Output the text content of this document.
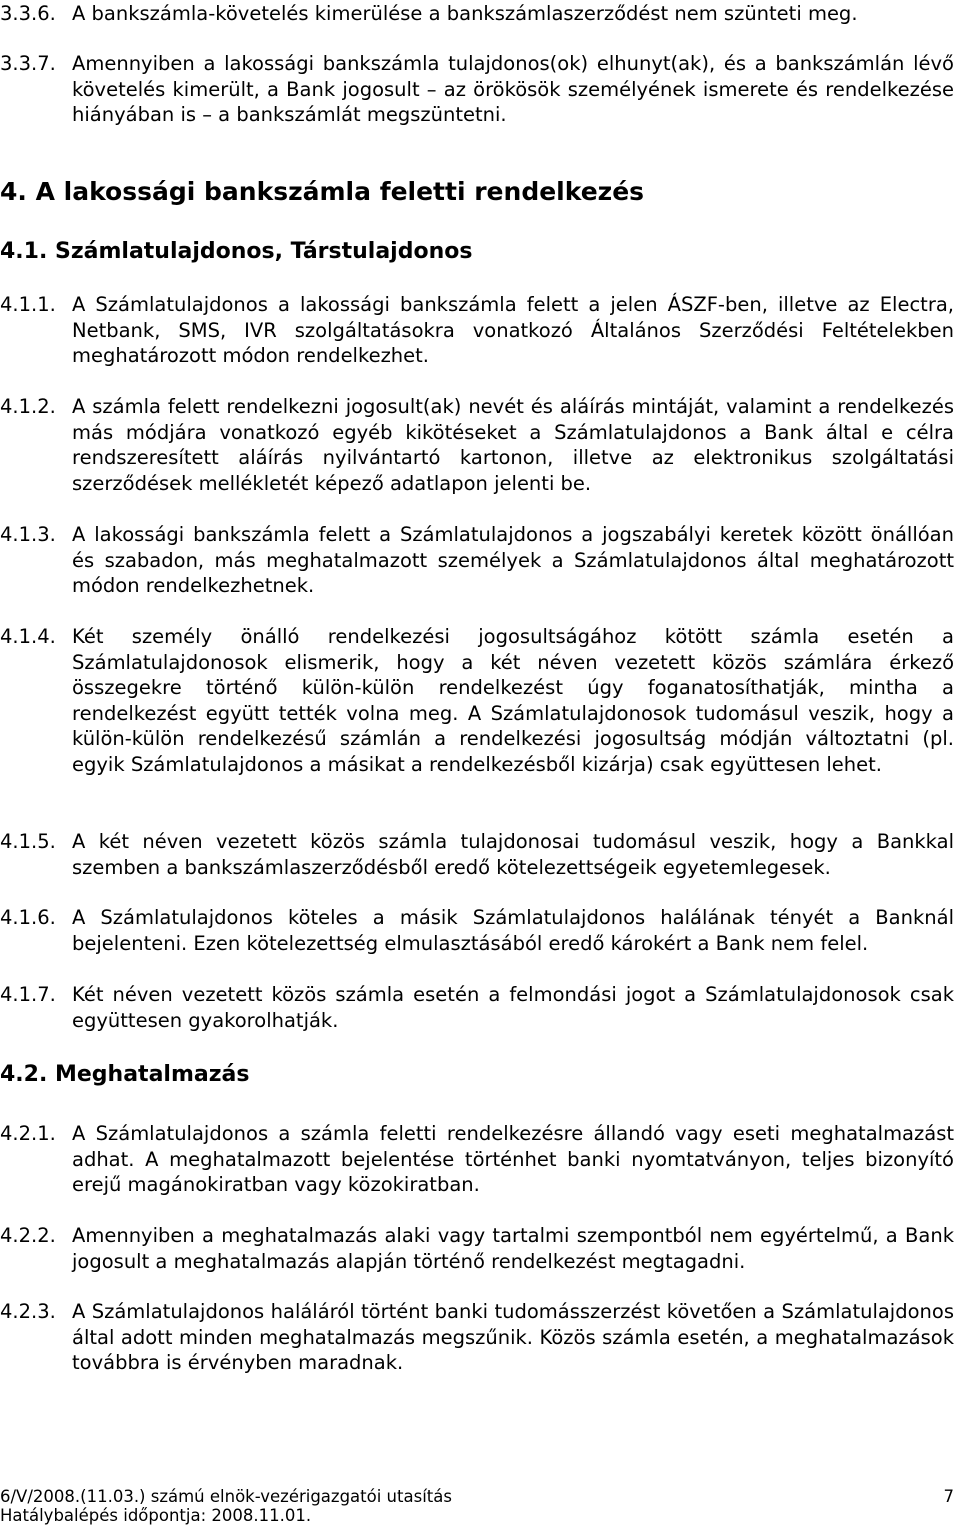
3.3.6. A bankszámla-követelés kimerülése a bankszámlaszerződést nem szünteti meg.
3.3.7. Amennyiben a lakossági bankszámla tulajdonos(ok) elhunyt(ak), és a bankszámlán lévő követelés kimerült, a Bank jogosult – az örökösök személyének ismerete és rendelkezése hiányában is – a bankszámlát megszüntetni.
4. A lakossági bankszámla feletti rendelkezés
4.1. Számlatulajdonos, Társtulajdonos
4.1.1. A Számlatulajdonos a lakossági bankszámla felett a jelen ÁSZF-ben, illetve az Electra, Netbank, SMS, IVR szolgáltatásokra vonatkozó Általános Szerződési Feltételekben meghatározott módon rendelkezhet.
4.1.2. A számla felett rendelkezni jogosult(ak) nevét és aláírás mintáját, valamint a rendelkezés más módjára vonatkozó egyéb kikötéseket a Számlatulajdonos a Bank által e célra rendszeresített aláírás nyilvántartó kartonon, illetve az elektronikus szolgáltatási szerződések mellékletét képező adatlapon jelenti be.
4.1.3. A lakossági bankszámla felett a Számlatulajdonos a jogszabályi keretek között önállóan és szabadon, más meghatalmazott személyek a Számlatulajdonos által meghatározott módon rendelkezhetnek.
4.1.4. Két személy önálló rendelkezési jogosultságához kötött számla esetén a Számlatulajdonosok elismerik, hogy a két néven vezetett közös számlára érkező összegekre történő külön-külön rendelkezést úgy foganatosíthatják, mintha a rendelkezést együtt tették volna meg. A Számlatulajdonosok tudomásul veszik, hogy a külön-külön rendelkezésű számlán a rendelkezési jogosultság módján változtatni (pl. egyik Számlatulajdonos a másikat a rendelkezésből kizárja) csak együttesen lehet.
4.1.5. A két néven vezetett közös számla tulajdonosai tudomásul veszik, hogy a Bankkal szemben a bankszámlaszerződésből eredő kötelezettségeik egyetemlegesek.
4.1.6. A Számlatulajdonos köteles a másik Számlatulajdonos halálának tényét a Banknál bejelenteni. Ezen kötelezettség elmulasztásából eredő károkért a Bank nem felel.
4.1.7. Két néven vezetett közös számla esetén a felmondási jogot a Számlatulajdonosok csak együttesen gyakorolhatják.
4.2. Meghatalmazás
4.2.1. A Számlatulajdonos a számla feletti rendelkezésre állandó vagy eseti meghatalmazást adhat. A meghatalmazott bejelentése történhet banki nyomtatványon, teljes bizonyító erejű magánokiratban vagy közokiratban.
4.2.2. Amennyiben a meghatalmazás alaki vagy tartalmi szempontból nem egyértelmű, a Bank jogosult a meghatalmazás alapján történő rendelkezést megtagadni.
4.2.3. A Számlatulajdonos haláláról történt banki tudomásszerzést követően a Számlatulajdonos által adott minden meghatalmazás megszűnik. Közös számla esetén, a meghatalmazások továbbra is érvényben maradnak.
6/V/2008.(11.03.) számú elnök-vezérigazgatói utasítás
Hatálybalépés időpontja: 2008.11.01.
7
